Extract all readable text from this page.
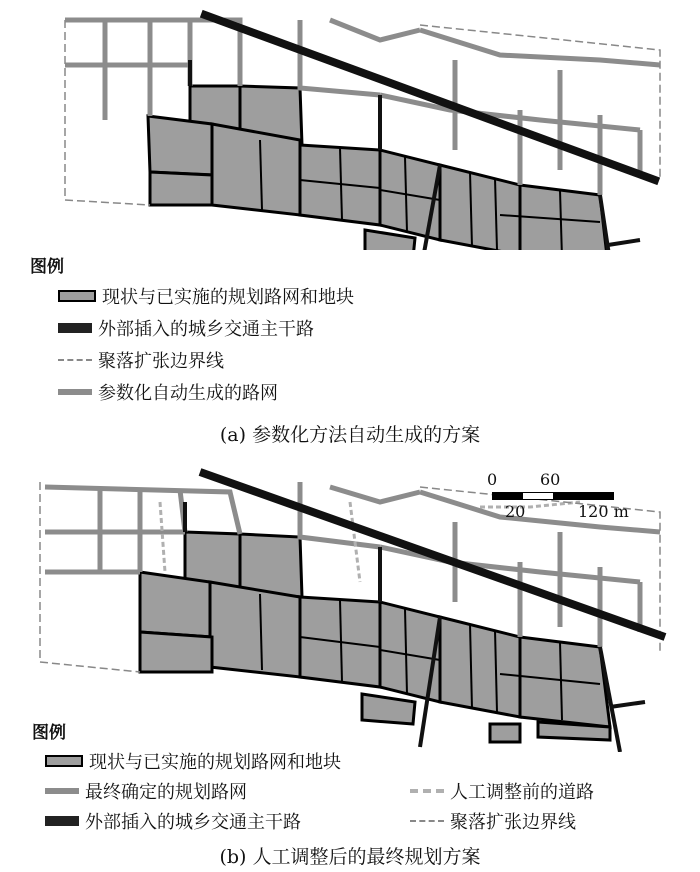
图例
现状与已实施的规划路网和地块
外部插入的城乡交通主干路
聚落扩张边界线
参数化自动生成的路网
(a) 参数化方法自动生成的方案
0	60
20	120 m
图例
现状与已实施的规划路网和地块
最终确定的规划路网	人工调整前的道路
外部插入的城乡交通主干路	聚落扩张边界线
(b) 人工调整后的最终规划方案
